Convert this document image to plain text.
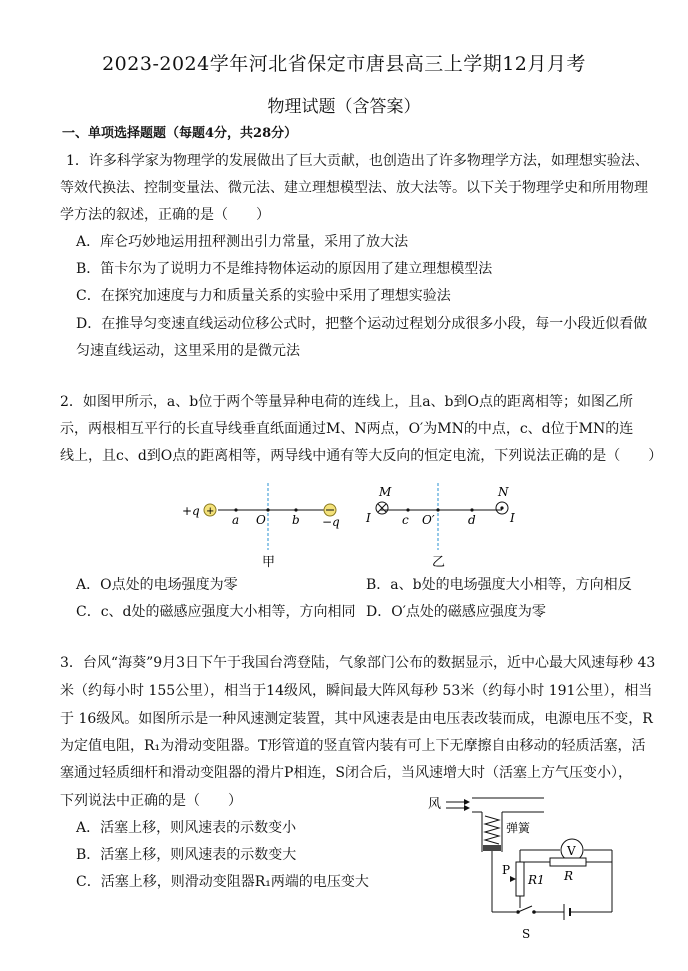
2023-2024学年河北省保定市唐县高三上学期12月月考
物理试题（含答案）
一、单项选择题题（每题4分，共28分）
1．许多科学家为物理学的发展做出了巨大贡献，也创造出了许多物理学方法，如理想实验法、
等效代换法、控制变量法、微元法、建立理想模型法、放大法等。以下关于物理学史和所用物理
学方法的叙述，正确的是（　　）
A．库仑巧妙地运用扭秤测出引力常量，采用了放大法
B．笛卡尔为了说明力不是维持物体运动的原因用了建立理想模型法
C．在探究加速度与力和质量关系的实验中采用了理想实验法
D．在推导匀变速直线运动位移公式时，把整个运动过程划分成很多小段，每一小段近似看做
匀速直线运动，这里采用的是微元法
2．如图甲所示，a、b位于两个等量异种电荷的连线上，且a、b到O点的距离相等；如图乙所
示，两根相互平行的长直导线垂直纸面通过M、N两点，O′为MN的中点，c、d位于MN的连
线上，且c、d到O点的距离相等，两导线中通有等大反向的恒定电流，下列说法正确的是（　　）
+
+q
a O b −q
甲
M
I	c O′	d
N
I
乙
A．O点处的电场强度为零	B．a、b处的电场强度大小相等，方向相反
C．c、d处的磁感应强度大小相等，方向相同 D．O′点处的磁感应强度为零
3．台风“海葵”9月3日下午于我国台湾登陆，气象部门公布的数据显示，近中心最大风速每秒 43
米（约每小时 155公里），相当于14级风，瞬间最大阵风每秒 53米（约每小时 191公里），相当
于 16级风。如图所示是一种风速测定装置，其中风速表是由电压表改装而成，电源电压不变，R
为定值电阻，R₁为滑动变阻器。T形管道的竖直管内装有可上下无摩擦自由移动的轻质活塞，活
塞通过轻质细杆和滑动变阻器的滑片P相连，S闭合后，当风速增大时（活塞上方气压变小），
下列说法中正确的是（　　）
A．活塞上移，则风速表的示数变小
B．活塞上移，则风速表的示数变大
C．活塞上移，则滑动变阻器R₁两端的电压变大
风
弹簧
V
R
P
R1
S
